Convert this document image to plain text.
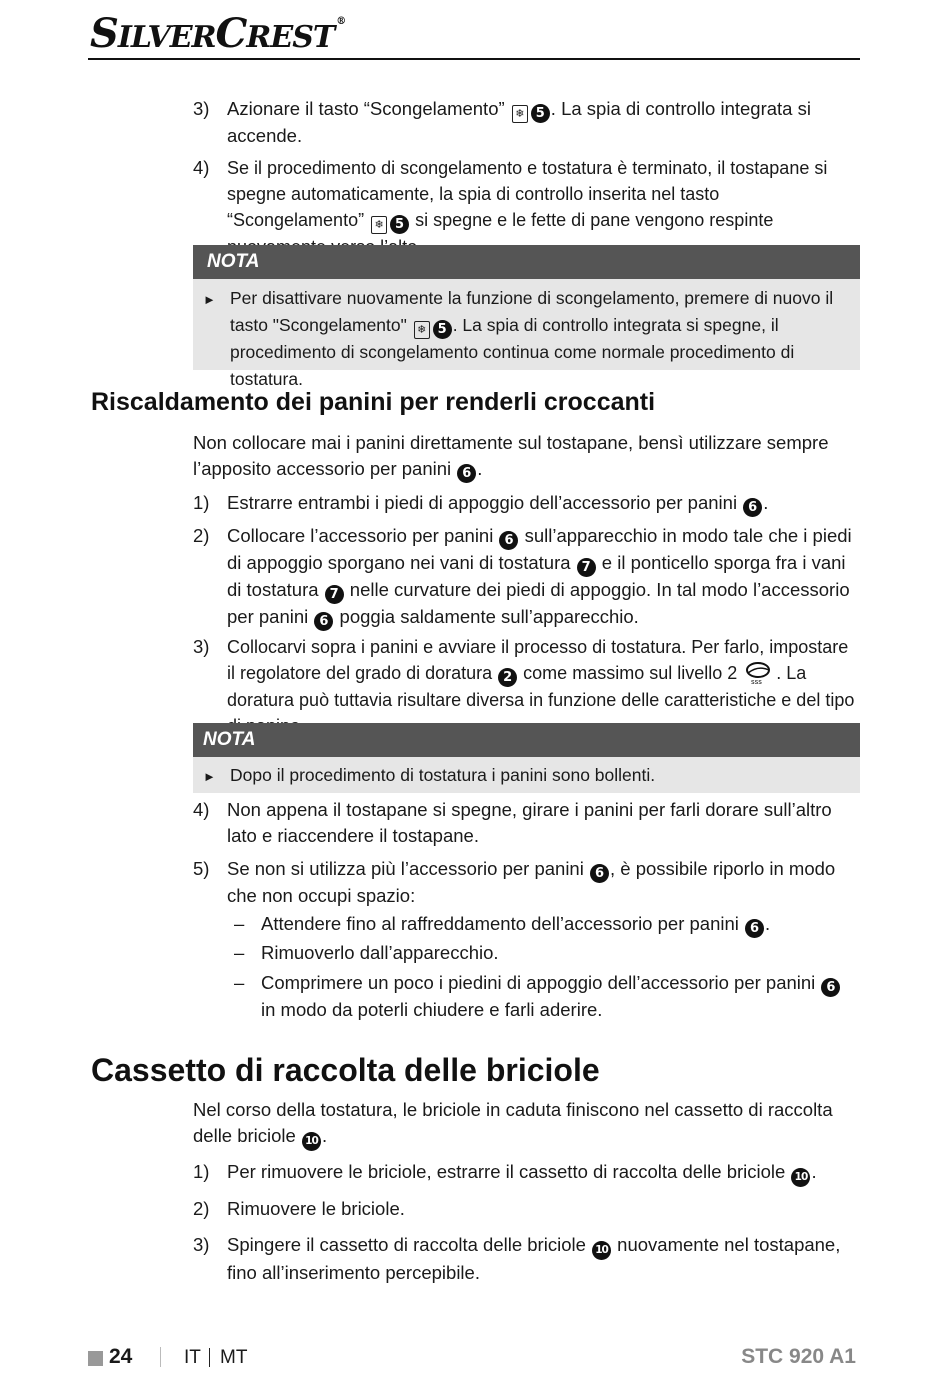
SILVERCREST ®
3) Azionare il tasto “Scongelamento” ❄ 5 . La spia di controllo integrata si accende.
4) Se il procedimento di scongelamento e tostatura è terminato, il tostapane si spegne automaticamente, la spia di controllo inserita nel tasto “Scongelamento” ❄ 5 si spegne e le fette di pane vengono respinte
NOTA
► Per disattivare nuovamente la funzione di scongelamento, premere di nuovo il tasto "Scongelamento" ❄ 5 . La spia di controllo integrata si spegne, il procedimento di scongelamento continua come normale procedimento di tostatura.
Riscaldamento dei panini per renderli croccanti
Non collocare mai i panini direttamente sul tostapane, bensì utilizzare sempre l’apposito accessorio per panini 6 .
1) Estrarre entrambi i piedi di appoggio dell’accessorio per panini 6 .
2) Collocare l’accessorio per panini 6 sull’apparecchio in modo tale che i piedi di appoggio sporgano nei vani di tostatura 7 e il ponticello sporga fra i vani di tostatura 7 nelle curvature dei piedi di appoggio. In tal modo l’accessorio per panini 6 poggia saldamente sull’apparecchio.
3) Collocarvi sopra i panini e avviare il processo di tostatura. Per farlo, impostare il regolatore del grado di doratura 2 come massimo sul livello 2 sss . La doratura può tuttavia risultare diversa in funzione delle caratteristiche e del tipo
NOTA
► Dopo il procedimento di tostatura i panini sono bollenti.
4) Non appena il tostapane si spegne, girare i panini per farli dorare sull’altro lato e riaccendere il tostapane.
5) Se non si utilizza più l’accessorio per panini 6 , è possibile riporlo in modo che non occupi spazio:
– Attendere fino al raffreddamento dell’accessorio per panini 6 .
– Rimuoverlo dall’apparecchio.
– Comprimere un poco i piedini di appoggio dell’accessorio per panini 6 in modo da poterli chiudere e farli aderire.
Cassetto di raccolta delle briciole
Nel corso della tostatura, le briciole in caduta finiscono nel cassetto di raccolta delle briciole 10 .
1) Per rimuovere le briciole, estrarre il cassetto di raccolta delle briciole 10 .
2) Rimuovere le briciole.
3) Spingere il cassetto di raccolta delle briciole 10 nuovamente nel tostapane, fino all’inserimento percepibile.
24	IT MT	STC 920 A1
